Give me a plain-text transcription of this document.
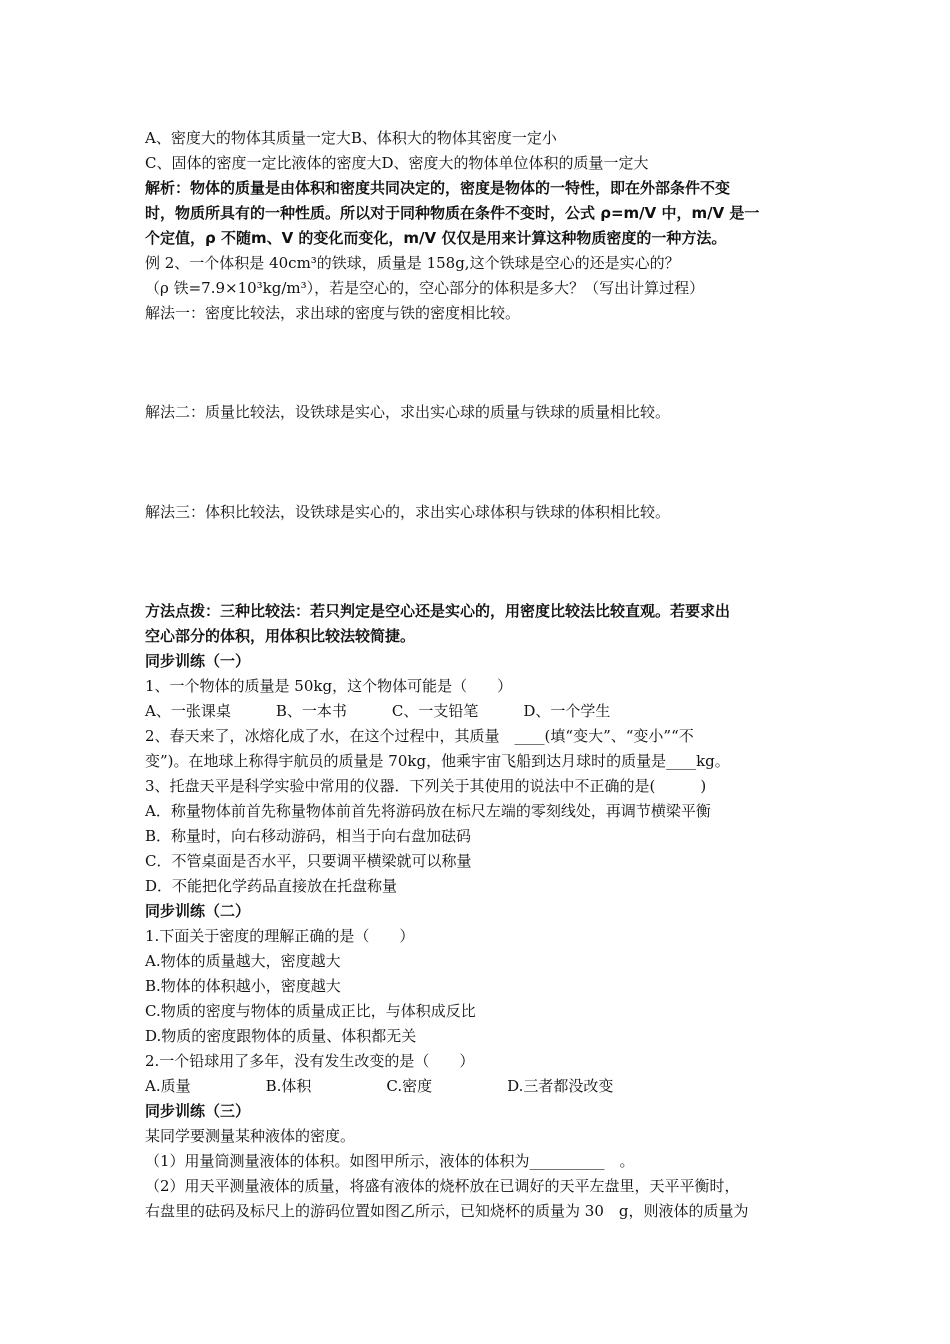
A、密度大的物体其质量一定大B、体积大的物体其密度一定小
C、固体的密度一定比液体的密度大D、密度大的物体单位体积的质量一定大
解析：物体的质量是由体积和密度共同决定的，密度是物体的一特性，即在外部条件不变
时，物质所具有的一种性质。所以对于同种物质在条件不变时，公式 ρ=m/V 中，m/V 是一
个定值，ρ 不随m、V 的变化而变化，m/V 仅仅是用来计算这种物质密度的一种方法。
例 2、一个体积是 40cm³的铁球，质量是 158g,这个铁球是空心的还是实心的？
（ρ 铁=7.9×10³kg/m³），若是空心的，空心部分的体积是多大？（写出计算过程）
解法一：密度比较法，求出球的密度与铁的密度相比较。
解法二：质量比较法，设铁球是实心，求出实心球的质量与铁球的质量相比较。
解法三：体积比较法，设铁球是实心的，求出实心球体积与铁球的体积相比较。
方法点拨：三种比较法：若只判定是空心还是实心的，用密度比较法比较直观。若要求出
空心部分的体积，用体积比较法较简捷。
同步训练（一）
1、一个物体的质量是 50kg，这个物体可能是（　　）
A、一张课桌　　　B、一本书　　　C、一支铅笔　　　D、一个学生
2、春天来了，冰熔化成了水，在这个过程中，其质量　____(填“变大”、“变小”“不
变”)。在地球上称得宇航员的质量是 70kg，他乘宇宙飞船到达月球时的质量是____kg。
3、托盘天平是科学实验中常用的仪器．下列关于其使用的说法中不正确的是(　　　)
A．称量物体前首先称量物体前首先将游码放在标尺左端的零刻线处，再调节横梁平衡
B．称量时，向右移动游码，相当于向右盘加砝码
C．不管桌面是否水平，只要调平横梁就可以称量
D．不能把化学药品直接放在托盘称量
同步训练（二）
1.下面关于密度的理解正确的是（　　）
A.物体的质量越大，密度越大
B.物体的体积越小，密度越大
C.物质的密度与物体的质量成正比，与体积成反比
D.物质的密度跟物体的质量、体积都无关
2.一个铅球用了多年，没有发生改变的是（　　）
A.质量　　　　　B.体积　　　　　C.密度　　　　　D.三者都没改变
同步训练（三）
某同学要测量某种液体的密度。
（1）用量筒测量液体的体积。如图甲所示，液体的体积为__________　。
（2）用天平测量液体的质量，将盛有液体的烧杯放在已调好的天平左盘里，天平平衡时，
右盘里的砝码及标尺上的游码位置如图乙所示，已知烧杯的质量为 30　g，则液体的质量为
